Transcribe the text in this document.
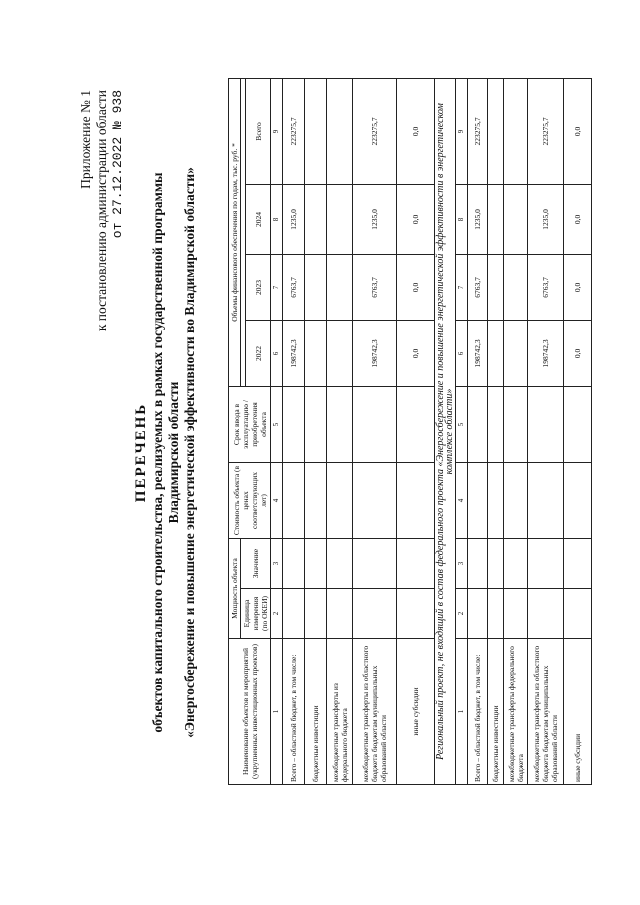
Приложение № 1 к постановлению администрации области от 27.12.2022 № 938
ПЕРЕЧЕНЬ объектов капитального строительства, реализуемых в рамках государственной программы Владимирской области «Энергосбережение и повышение энергетической эффективности во Владимирской области»	Наименование объектов и мероприятий (укрупненных инвестиционных проектов)	Мощность объекта		Стоимость объекта (в ценах соответствующих лет)	Срок ввода в эксплуатацию / приобретения объекта	Объемы финансового обеспечения по годам, тыс. руб. *			
	Единица измерения (по ОКЕИ)	Значение						
					2022	2023	2024	Всего
1	2	3	4	5	6	7	8	9
Всего – областной бюджет, в том числе:					198742,3	6763,7	1235,0	223275,7
бюджетные инвестиции								
межбюджетные трансферты из федерального бюджета								
межбюджетные трансферты из областного бюджета бюджетам муниципальных образований области					198742,3	6763,7	1235,0	223275,7
иные субсидии					0,0	0,0	0,0	0,0
Региональный проект, не входящий в состав федерального проекта «Энергосбережение и повышение энергетической эффективности в энергетическом комплексе области»								
1	2	3	4	5	6	7	8	9
Всего – областной бюджет, в том числе:					198742,3	6763,7	1235,0	223275,7
бюджетные инвестиции								
межбюджетные трансферты федерального бюджета								
межбюджетные трансферты из областного бюджета бюджетам муниципальных образований области					198742,3	6763,7	1235,0	223275,7
иные субсидии					0,0	0,0	0,0	0,0
